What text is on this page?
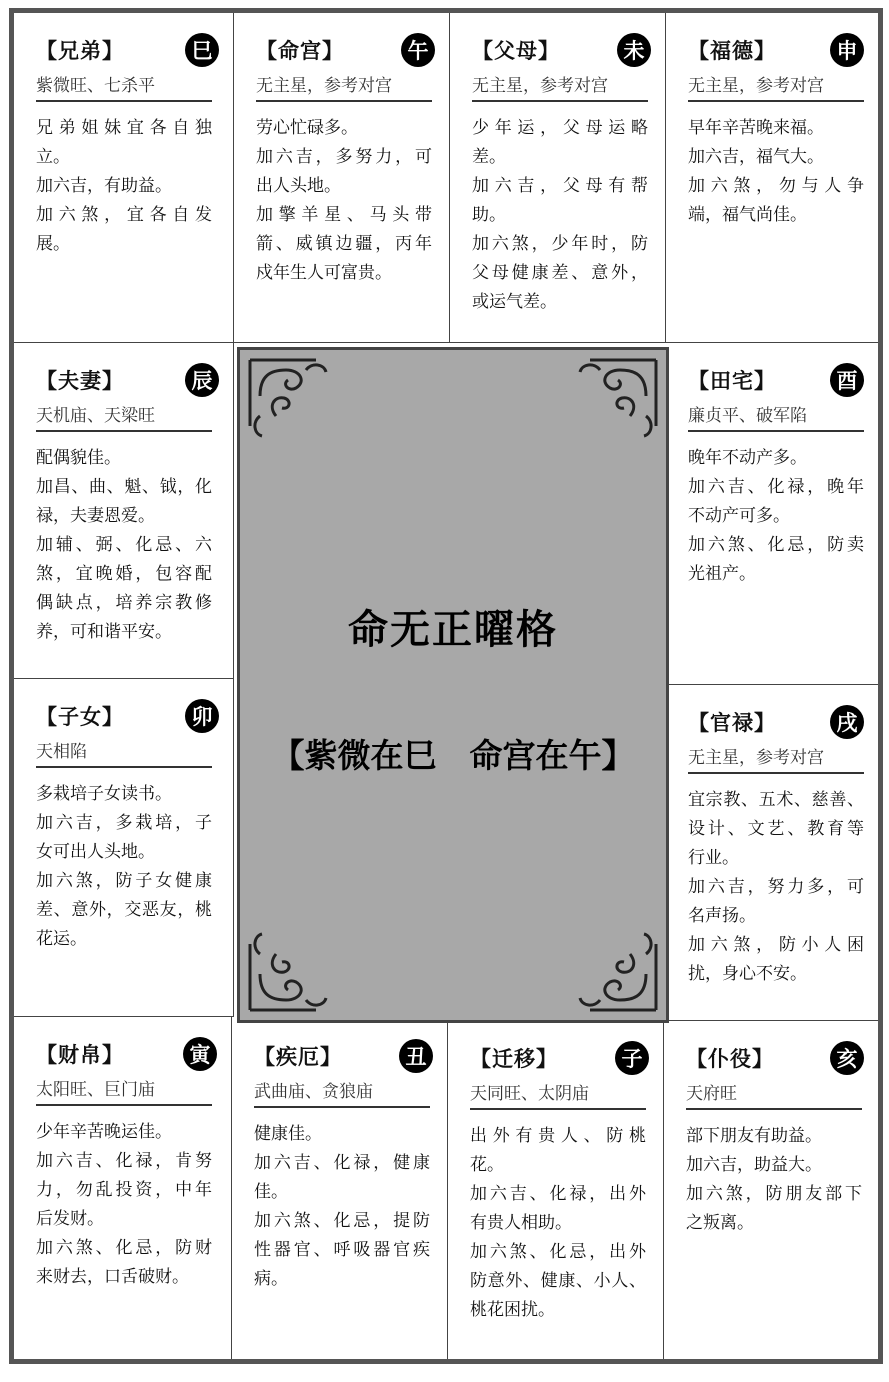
【兄弟】	巳
紫微旺、七杀平
兄弟姐妹宜各自独
立。
加六吉，有助益。
加六煞，宜各自发
展。
【命宫】	午
无主星，参考对宫
劳心忙碌多。
加六吉，多努力，可
出人头地。
加擎羊星、马头带
箭、威镇边疆，丙年
戍年生人可富贵。
【父母】	未
无主星，参考对宫
少年运，父母运略
差。
加六吉，父母有帮
助。
加六煞，少年时，防
父母健康差、意外，
或运气差。
【福德】	申
无主星，参考对宫
早年辛苦晚来福。
加六吉，福气大。
加六煞，勿与人争
端，福气尚佳。
【夫妻】	辰
天机庙、天梁旺
配偶貌佳。
加昌、曲、魁、钺，化
禄，夫妻恩爱。
加辅、弼、化忌、六
煞，宜晚婚，包容配
偶缺点，培养宗教修
养，可和谐平安。
【田宅】	酉
廉贞平、破军陷
晚年不动产多。
加六吉、化禄，晚年
不动产可多。
加六煞、化忌，防卖
光祖产。
【子女】	卯
天相陷
多栽培子女读书。
加六吉，多栽培，子
女可出人头地。
加六煞，防子女健康
差、意外，交恶友，桃
花运。
【官禄】	戌
无主星，参考对宫
宜宗教、五术、慈善、
设计、文艺、教育等
行业。
加六吉，努力多，可
名声扬。
加六煞，防小人困
扰，身心不安。
【财帛】	寅
太阳旺、巨门庙
少年辛苦晚运佳。
加六吉、化禄，肯努
力，勿乱投资，中年
后发财。
加六煞、化忌，防财
来财去，口舌破财。
【疾厄】	丑
武曲庙、贪狼庙
健康佳。
加六吉、化禄，健康
佳。
加六煞、化忌，提防
性器官、呼吸器官疾
病。
【迁移】	子
天同旺、太阴庙
出外有贵人、防桃
花。
加六吉、化禄，出外
有贵人相助。
加六煞、化忌，出外
防意外、健康、小人、
桃花困扰。
【仆役】	亥
天府旺
部下朋友有助益。
加六吉，助益大。
加六煞，防朋友部下
之叛离。
命无正曜格
【紫微在巳　命宫在午】
